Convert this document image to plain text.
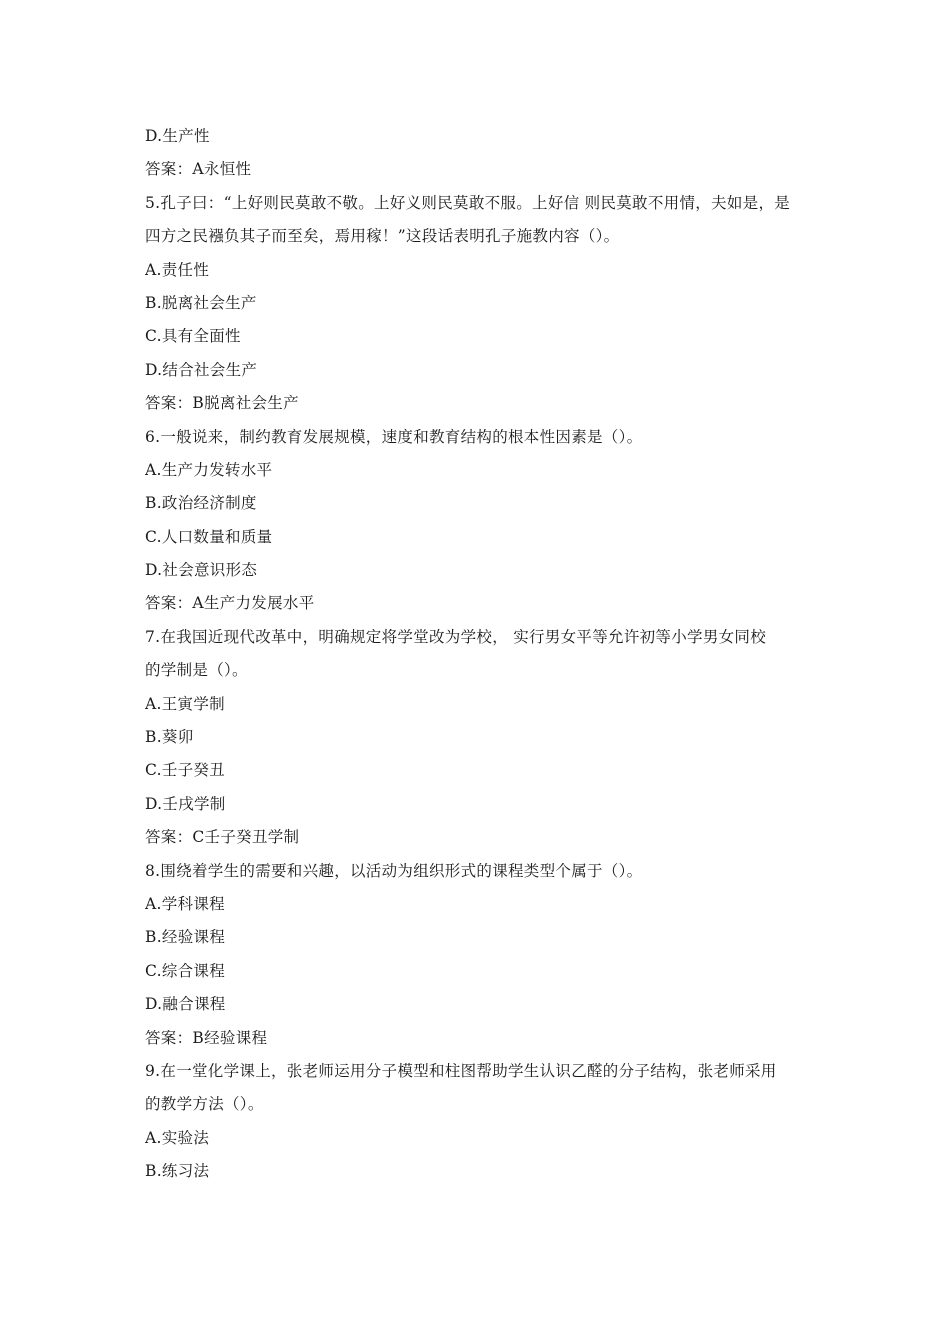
D.生产性
答案：A永恒性
5.孔子曰：“上好则民莫敢不敬。上好义则民莫敢不服。上好信 则民莫敢不用情，夫如是，是
四方之民襁负其子而至矣，焉用稼！”这段话表明孔子施教内容（）。
A.责任性
B.脱离社会生产
C.具有全面性
D.结合社会生产
答案：B脱离社会生产
6.一般说来，制约教育发展规模，速度和教育结构的根本性因素是（）。
A.生产力发转水平
B.政治经济制度
C.人口数量和质量
D.社会意识形态
答案：A生产力发展水平
7.在我国近现代改革中，明确规定将学堂改为学校， 实行男女平等允许初等小学男女同校
的学制是（）。
A.王寅学制
B.葵卯
C.壬子癸丑
D.壬戌学制
答案：C壬子癸丑学制
8.围绕着学生的需要和兴趣，以活动为组织形式的课程类型个属于（）。
A.学科课程
B.经验课程
C.综合课程
D.融合课程
答案：B经验课程
9.在一堂化学课上，张老师运用分子模型和柱图帮助学生认识乙醛的分子结构，张老师采用
的教学方法（）。
A.实验法
B.练习法
